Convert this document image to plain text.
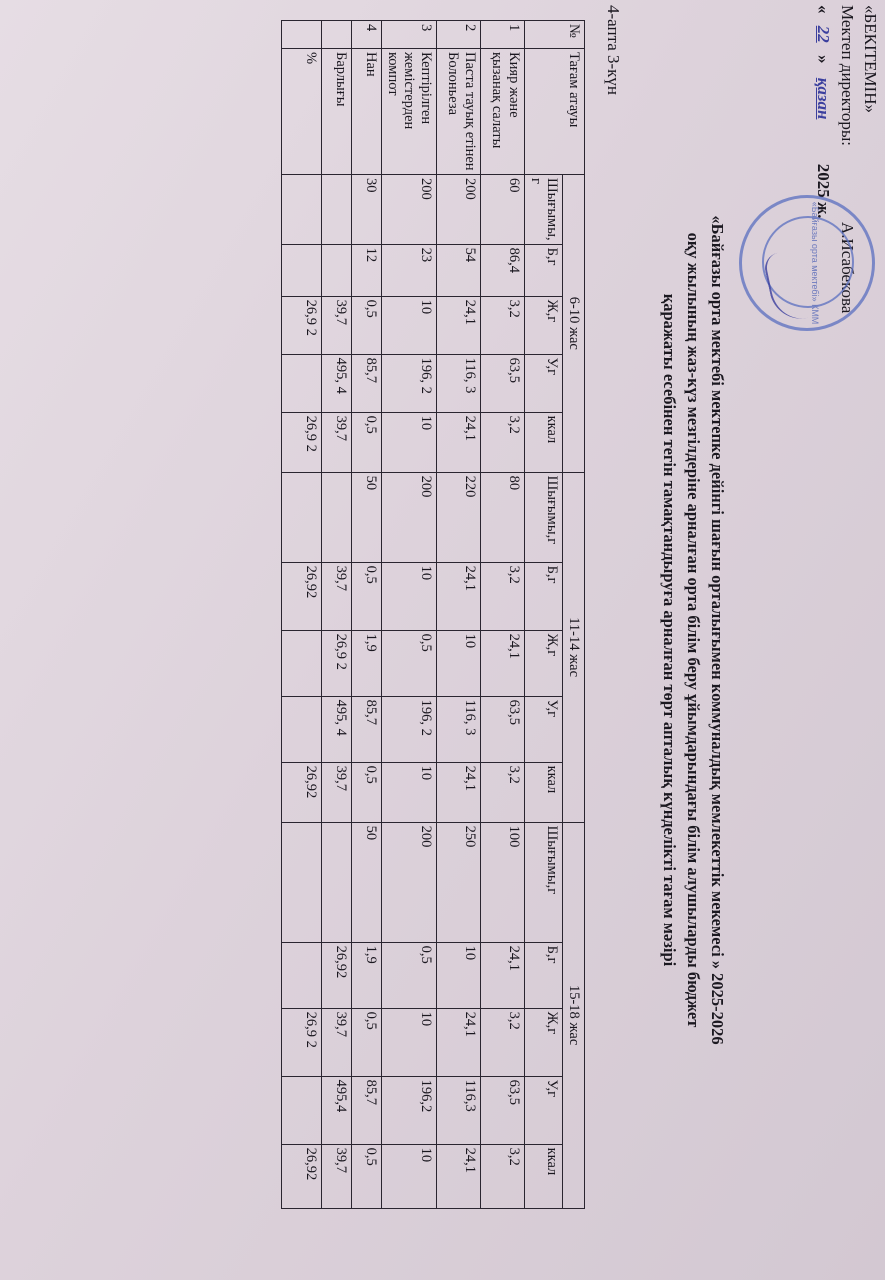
«БЕКІТЕМІН»
Мектеп директоры:
А.Исабекова
« 22 » қазан 2025 ж.
«Байғазы орта мектебі» КММ
«Байғазы орта мектебі мектепке дейінгі шағын орталығымен коммуналдық мемлекеттік мекемесі » 2025-2026
оқу жылының жаз-күз мезгілдеріне арналған орта білім беру ұйымдарындағы білім алушыларды бюджет
қаражаты есебінен тегін тамақтандыруға арналған төрт апталық күнделікті тағам мәзірі
4-апта 3-күн
№	Тағам атауы	6-10 жас					11-14 жас					15-18 жас				
		Шығымы, г	Б,г	Ж,г	У,г	ккал	Шығымы,г	Б,г	Ж,г	У,г	ккал	Шығымы,г	Б,г	Ж,г	У,г	ккал
1	Кияр және қызанақ салаты	60	86,4	3,2	63,5	3,2	80	3,2	24,1	63,5	3,2	100	24,1	3,2	63,5	3,2
2	Паста тауық етінен Болоньеза	200	54	24,1	116, 3	24,1	220	24,1	10	116, 3	24,1	250	10	24,1	116,3	24,1
3	Кептірілген жемістерден компот	200	23	10	196, 2	10	200	10	0,5	196, 2	10	200	0,5	10	196,2	10
4	Нан	30	12	0,5	85,7	0,5	50	0,5	1,9	85,7	0,5	50	1,9	0,5	85,7	0,5
	Барлығы			39,7	495, 4	39,7		39,7	26,9 2	495, 4	39,7		26,92	39,7	495,4	39,7
	%			26,9 2		26,9 2		26,92			26,92			26,9 2		26,92
